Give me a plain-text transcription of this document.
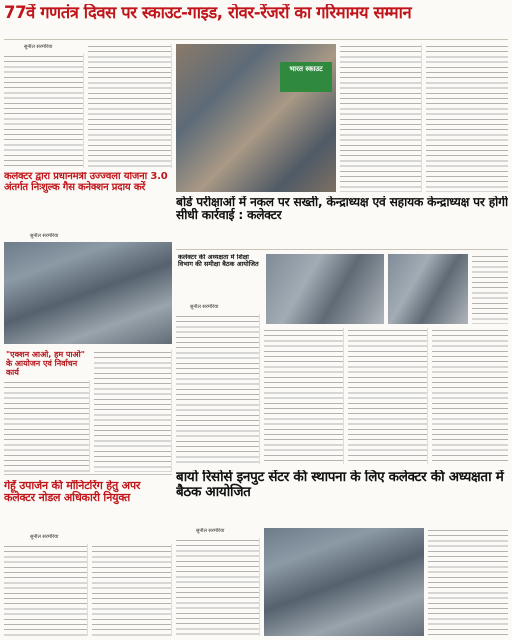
77वें गणतंत्र दिवस पर स्काउट-गाइड, रोवर-रेंजरों का गरिमामय सम्मान
सुनील सरमेरिया
भारत स्काउट
कलेक्टर द्वारा प्रधानमंत्री उज्ज्वला योजना 3.0 अंतर्गत निःशुल्क गैस कनेक्शन प्रदाय करें
सुनील सरमेरिया
बोर्ड परीक्षाओं में नकल पर सख्ती, केन्द्राध्यक्ष एवं सहायक केन्द्राध्यक्ष पर होगी सीधी कार्रवाई : कलेक्टर
कलेक्टर की अध्यक्षता में शिक्षा विभाग की समीक्षा बैठक आयोजित
सुनील सरमेरिया
"एक्शन आओ, हम पाओ" के आयोजन एवं निर्वाचन कार्य
बायो रिसोर्स इनपुट सेंटर की स्थापना के लिए कलेक्टर की अध्यक्षता में बैठक आयोजित
गेहूँ उपार्जन की मॉनिटरिंग हेतु अपर कलेक्टर नोडल अधिकारी नियुक्त
सुनील सरमेरिया
सुनील सरमेरिया
